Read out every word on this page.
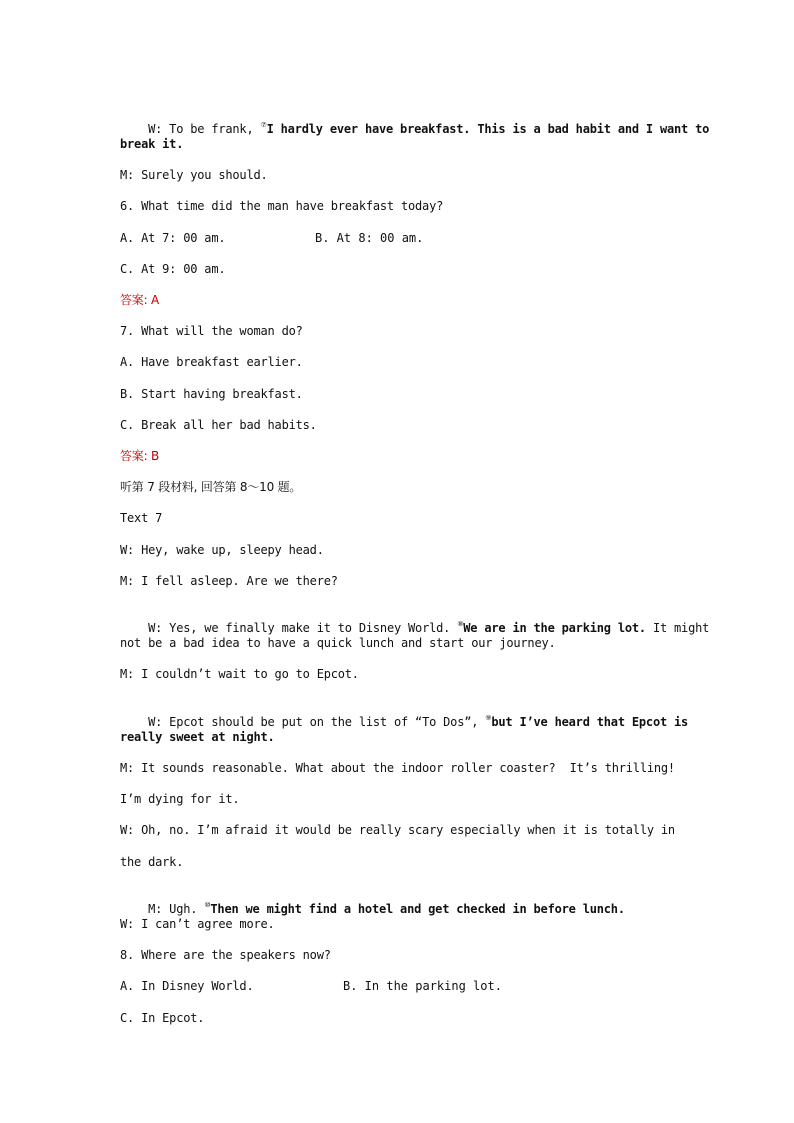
W: To be frank, ⑦I hardly ever have breakfast. This is a bad habit and I want to

break it.
M: Surely you should.
6. What time did the man have breakfast today?
A. At 7: 00 am.	B. At 8: 00 am.
C. At 9: 00 am.
答案: A
7. What will the woman do?
A. Have breakfast earlier.
B. Start having breakfast.
C. Break all her bad habits.
答案: B
听第 7 段材料, 回答第 8～10 题。
Text 7
W: Hey, wake up, sleepy head.
M: I fell asleep. Are we there?

W: Yes, we finally make it to Disney World. ⑧We are in the parking lot. It might

not be a bad idea to have a quick lunch and start our journey.
M: I couldn’t wait to go to Epcot.

W: Epcot should be put on the list of “To Dos”, ⑨but I’ve heard that Epcot is

really sweet at night.
M: It sounds reasonable. What about the indoor roller coaster?  It’s thrilling!
I’m dying for it.
W: Oh, no. I’m afraid it would be really scary especially when it is totally in
the dark.

M: Ugh. ⑩Then we might find a hotel and get checked in before lunch.

W: I can’t agree more.
8. Where are the speakers now?
A. In Disney World.	B. In the parking lot.
C. In Epcot.
